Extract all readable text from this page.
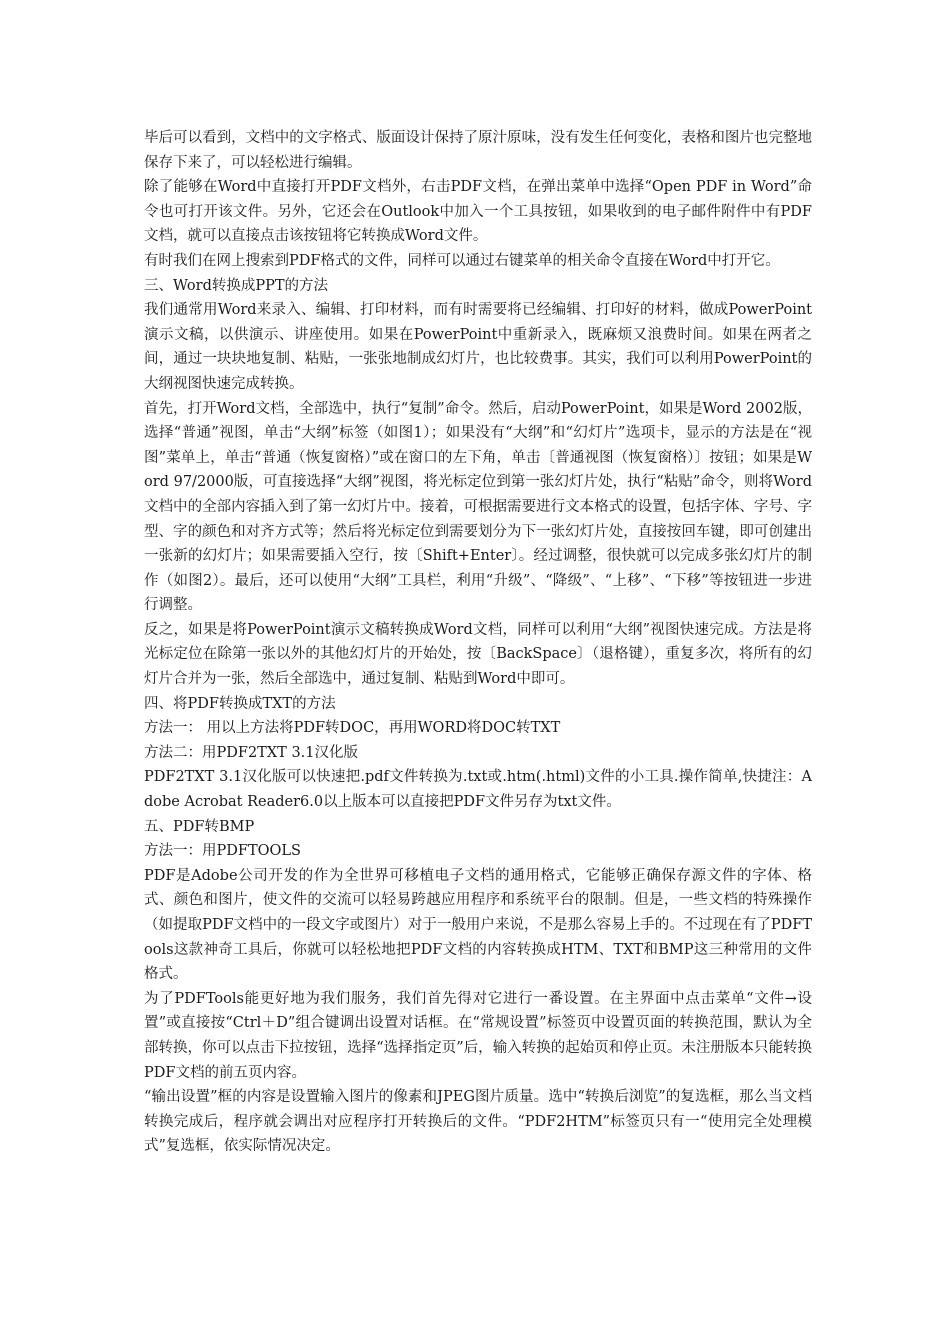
毕后可以看到，文档中的文字格式、版面设计保持了原汁原味，没有发生任何变化，表格和图片也完整地保存下来了，可以轻松进行编辑。

除了能够在Word中直接打开PDF文档外，右击PDF文档，在弹出菜单中选择“Open PDF in Word”命令也可打开该文件。另外，它还会在Outlook中加入一个工具按钮，如果收到的电子邮件附件中有PDF文档，就可以直接点击该按钮将它转换成Word文件。

有时我们在网上搜索到PDF格式的文件，同样可以通过右键菜单的相关命令直接在Word中打开它。

三、Word转换成PPT的方法

我们通常用Word来录入、编辑、打印材料，而有时需要将已经编辑、打印好的材料，做成PowerPoint演示文稿，以供演示、讲座使用。如果在PowerPoint中重新录入，既麻烦又浪费时间。如果在两者之间，通过一块块地复制、粘贴，一张张地制成幻灯片，也比较费事。其实，我们可以利用PowerPoint的大纲视图快速完成转换。

首先，打开Word文档，全部选中，执行“复制”命令。然后，启动PowerPoint，如果是Word 2002版，选择“普通”视图，单击“大纲”标签（如图1）；如果没有“大纲”和“幻灯片”选项卡，显示的方法是在“视图”菜单上，单击“普通（恢复窗格）”或在窗口的左下角，单击〔普通视图（恢复窗格）〕按钮；如果是Word 97/2000版，可直接选择“大纲”视图，将光标定位到第一张幻灯片处，执行“粘贴”命令，则将Word文档中的全部内容插入到了第一幻灯片中。接着，可根据需要进行文本格式的设置，包括字体、字号、字型、字的颜色和对齐方式等；然后将光标定位到需要划分为下一张幻灯片处，直接按回车键，即可创建出一张新的幻灯片；如果需要插入空行，按〔Shift+Enter〕。经过调整，很快就可以完成多张幻灯片的制作（如图2）。最后，还可以使用“大纲”工具栏，利用“升级”、“降级”、“上移”、“下移”等按钮进一步进行调整。

反之，如果是将PowerPoint演示文稿转换成Word文档，同样可以利用“大纲”视图快速完成。方法是将光标定位在除第一张以外的其他幻灯片的开始处，按〔BackSpace〕（退格键），重复多次，将所有的幻灯片合并为一张，然后全部选中，通过复制、粘贴到Word中即可。

四、将PDF转换成TXT的方法

方法一： 用以上方法将PDF转DOC，再用WORD将DOC转TXT

方法二：用PDF2TXT 3.1汉化版

PDF2TXT 3.1汉化版可以快速把.pdf文件转换为.txt或.htm(.html)文件的小工具.操作简单,快捷注：Adobe Acrobat Reader6.0以上版本可以直接把PDF文件另存为txt文件。

五、PDF转BMP

方法一：用PDFTOOLS

PDF是Adobe公司开发的作为全世界可移植电子文档的通用格式，它能够正确保存源文件的字体、格式、颜色和图片，使文件的交流可以轻易跨越应用程序和系统平台的限制。但是，一些文档的特殊操作（如提取PDF文档中的一段文字或图片）对于一般用户来说，不是那么容易上手的。不过现在有了PDFTools这款神奇工具后，你就可以轻松地把PDF文档的内容转换成HTM、TXT和BMP这三种常用的文件格式。

为了PDFTools能更好地为我们服务，我们首先得对它进行一番设置。在主界面中点击菜单“文件→设置”或直接按“Ctrl＋D”组合键调出设置对话框。在“常规设置”标签页中设置页面的转换范围，默认为全部转换，你可以点击下拉按钮，选择“选择指定页”后，输入转换的起始页和停止页。未注册版本只能转换PDF文档的前五页内容。

“输出设置”框的内容是设置输入图片的像素和JPEG图片质量。选中“转换后浏览”的复选框，那么当文档转换完成后，程序就会调出对应程序打开转换后的文件。“PDF2HTM”标签页只有一“使用完全处理模式”复选框，依实际情况决定。
